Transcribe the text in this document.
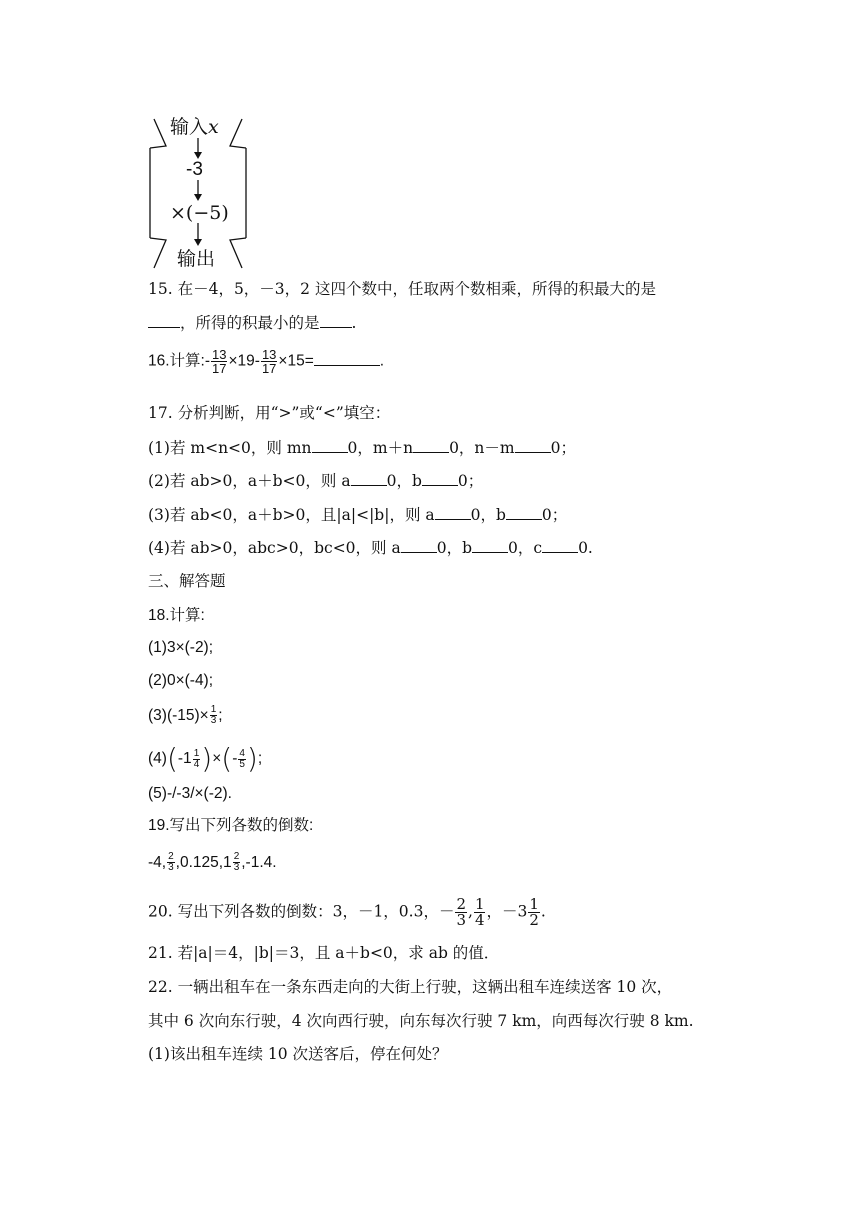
输入x
-3
×(−5)
输出
15. 在－4，5，－3，2 这四个数中，任取两个数相乘，所得的积最大的是
，所得的积最小的是 .
16.计算:- $\frac{13}{17} \times 19- \frac{13}{17} \times 15=$	.
17. 分析判断，用“>”或“<”填空：
(1)若 m<n<0，则 mn 0，m＋n 0，n－m 0；
(2)若 ab>0，a＋b<0，则 a 0，b 0；
(3)若 ab<0，a＋b>0，且|a|<|b|，则 a 0，b 0；
(4)若 ab>0，abc>0，bc<0，则 a 0，b 0，c 0.
三、解答题
18.计算:
(1)3×(-2);
(2)0×(-4);
$(3)(-15)\times \frac{1}{3}$ ;
$(4)(-1 \frac{1}{4}$ )×(- $\frac{4}{5}$ );
(5)-/-3/×(-2).
19.写出下列各数的倒数:
-4, $\frac{2}{3} ,0.125,1 \frac{2}{3} ,-1.4$.
20. 写出下列各数的倒数：3，－1，0.3，－ $\frac{2}{3}$ , $\frac{1}{4}$ ，$-3 \frac{1}{2}$ .
21. 若|a|＝4，|b|＝3，且 a＋b<0，求 ab 的值．
22. 一辆出租车在一条东西走向的大街上行驶，这辆出租车连续送客 10 次，
其中 6 次向东行驶，4 次向西行驶，向东每次行驶 7 km，向西每次行驶 8 km.
(1)该出租车连续 10 次送客后，停在何处？
